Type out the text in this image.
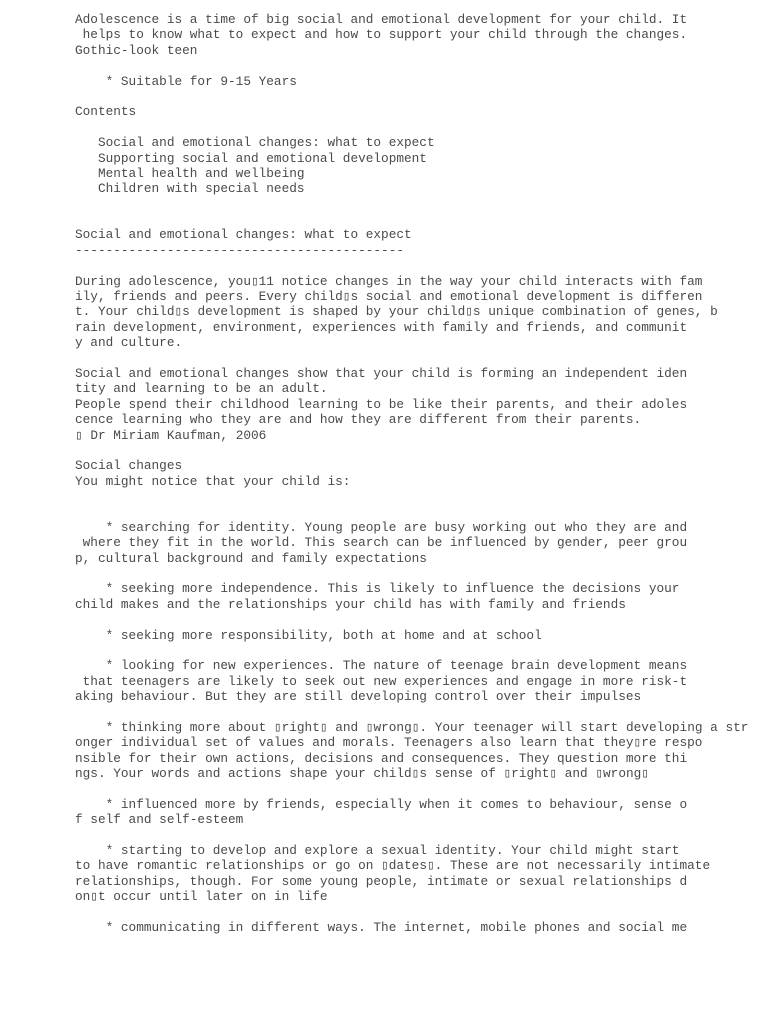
Adolescence is a time of big social and emotional development for your child. It
helps to know what to expect and how to support your child through the changes.
Gothic-look teen
* Suitable for 9-15 Years
Contents
Social and emotional changes: what to expect
Supporting social and emotional development
Mental health and wellbeing
Children with special needs
Social and emotional changes: what to expect
-------------------------------------------
During adolescence, you▯11 notice changes in the way your child interacts with fam
ily, friends and peers. Every child▯s social and emotional development is differen
t. Your child▯s development is shaped by your child▯s unique combination of genes, b
rain development, environment, experiences with family and friends, and communit
y and culture.
Social and emotional changes show that your child is forming an independent iden
tity and learning to be an adult.
People spend their childhood learning to be like their parents, and their adoles
cence learning who they are and how they are different from their parents.
▯ Dr Miriam Kaufman, 2006
Social changes
You might notice that your child is:
* searching for identity. Young people are busy working out who they are and
where they fit in the world. This search can be influenced by gender, peer grou
p, cultural background and family expectations
* seeking more independence. This is likely to influence the decisions your
child makes and the relationships your child has with family and friends
* seeking more responsibility, both at home and at school
* looking for new experiences. The nature of teenage brain development means
that teenagers are likely to seek out new experiences and engage in more risk-t
aking behaviour. But they are still developing control over their impulses
* thinking more about ▯right▯ and ▯wrong▯. Your teenager will start developing a str
onger individual set of values and morals. Teenagers also learn that they▯re respo
nsible for their own actions, decisions and consequences. They question more thi
ngs. Your words and actions shape your child▯s sense of ▯right▯ and ▯wrong▯
* influenced more by friends, especially when it comes to behaviour, sense o
f self and self-esteem
* starting to develop and explore a sexual identity. Your child might start
to have romantic relationships or go on ▯dates▯. These are not necessarily intimate
relationships, though. For some young people, intimate or sexual relationships d
on▯t occur until later on in life
* communicating in different ways. The internet, mobile phones and social me
